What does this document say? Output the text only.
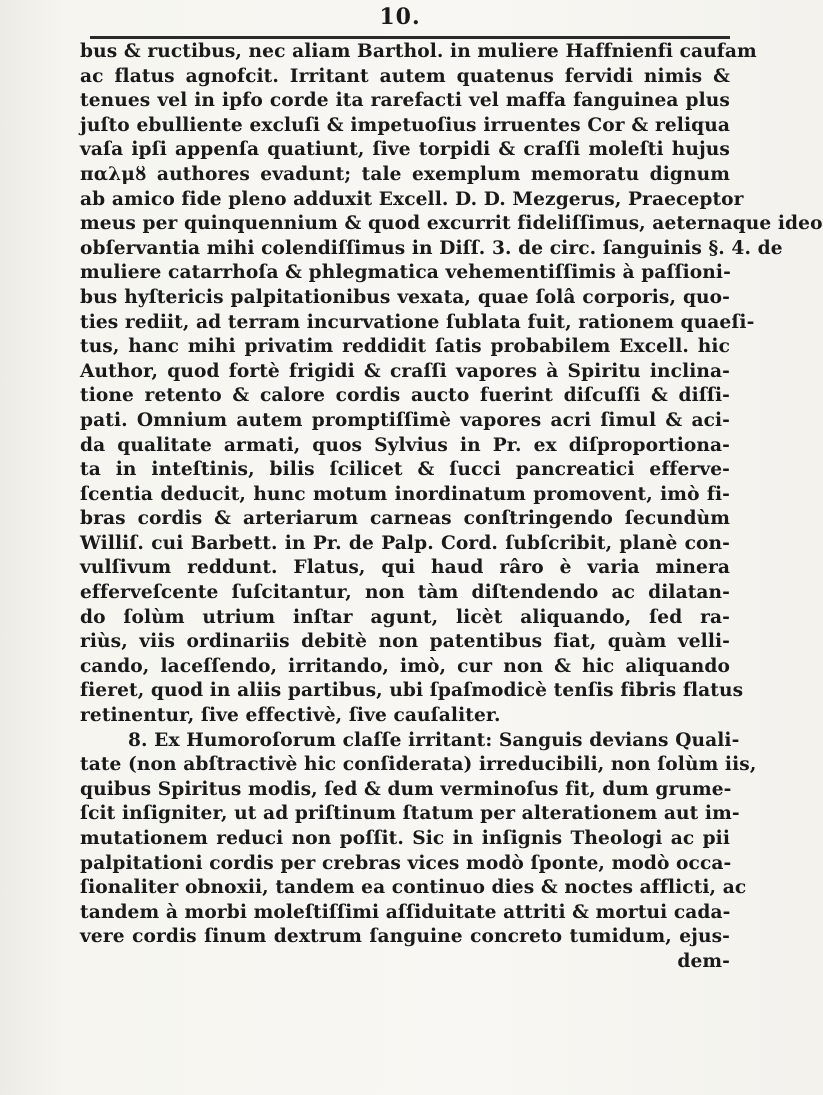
10.
bus & ructibus, nec aliam Barthol. in muliere Haffnienfi caufam
ac flatus agnofcit. Irritant autem quatenus fervidi nimis &
tenues vel in ipfo corde ita rarefacti vel maffa fanguinea plus
juſto ebulliente excluſi & impetuoſius irruentes Cor & reliqua
vaſa ipſi appenſa quatiunt, ſive torpidi & craſſi moleſti hujus
παλμȣ authores evadunt; tale exemplum memoratu dignum
ab amico fide pleno adduxit Excell. D. D. Mezgerus, Praeceptor
meus per quinquennium & quod excurrit fideliſſimus, aeternaque ideo
obſervantia mihi colendiſſimus in Diſſ. 3. de circ. ſanguinis §. 4. de
muliere catarrhoſa & phlegmatica vehementiſſimis à paſſioni-
bus hyſtericis palpitationibus vexata, quae ſolâ corporis, quo-
ties rediit, ad terram incurvatione ſublata fuit, rationem quaeſi-
tus, hanc mihi privatim reddidit ſatis probabilem Excell. hic
Author, quod fortè frigidi & craſſi vapores à Spiritu inclina-
tione retento & calore cordis aucto fuerint diſcuſſi & diſſi-
pati. Omnium autem promptiſſimè vapores acri ſimul & aci-
da qualitate armati, quos Sylvius in Pr. ex diſproportiona-
ta in inteſtinis, bilis ſcilicet & ſucci pancreatici efferve-
ſcentia deducit, hunc motum inordinatum promovent, imò fi-
bras cordis & arteriarum carneas conſtringendo ſecundùm
Williſ. cui Barbett. in Pr. de Palp. Cord. ſubſcribit, planè con-
vulſivum reddunt. Flatus, qui haud râro è varia minera
efferveſcente ſuſcitantur, non tàm diſtendendo ac dilatan-
do ſolùm utrium inſtar agunt, licèt aliquando, ſed ra-
riùs, viis ordinariis debitè non patentibus fiat, quàm velli-
cando, laceſſendo, irritando, imò, cur non & hic aliquando
fieret, quod in aliis partibus, ubi ſpaſmodicè tenſis fibris flatus
retinentur, ſive effectivè, ſive cauſaliter.
8. Ex Humoroſorum claſſe irritant: Sanguis devians Quali-
tate (non abſtractivè hic conſiderata) irreducibili, non ſolùm iis,
quibus Spiritus modis, ſed & dum verminoſus fit, dum grume-
ſcit inſigniter, ut ad priſtinum ſtatum per alterationem aut im-
mutationem reduci non poſſit. Sic in inſignis Theologi ac pii
palpitationi cordis per crebras vices modò ſponte, modò occa-
ſionaliter obnoxii, tandem ea continuo dies & noctes afflicti, ac
tandem à morbi moleſtiſſimi aſſiduitate attriti & mortui cada-
vere cordis ſinum dextrum ſanguine concreto tumidum, ejus-
dem-
